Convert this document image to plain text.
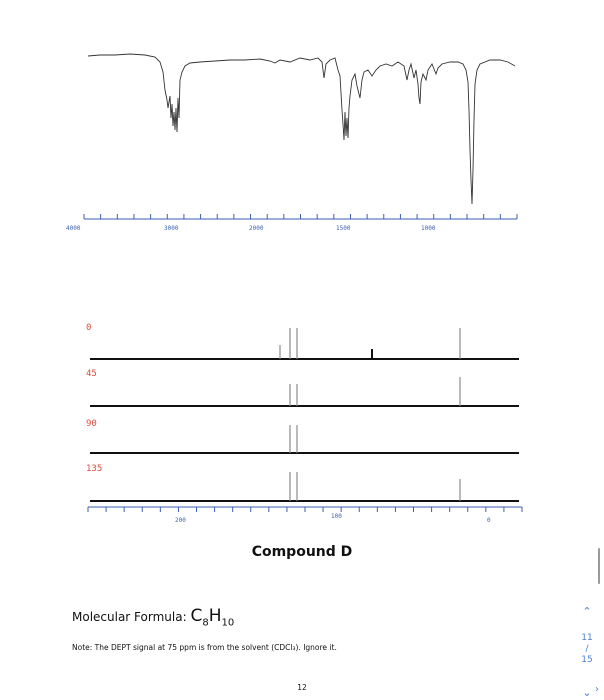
4000	3000	2000	1500	1000
0
45
90
135
200
100
0
Compound D
Molecular Formula: $C_8H_{10}$
Note: The DEPT signal at 75 ppm is from the solvent (CDCl₃). Ignore it.
12
⌃
11
/
15
⌄ ›
